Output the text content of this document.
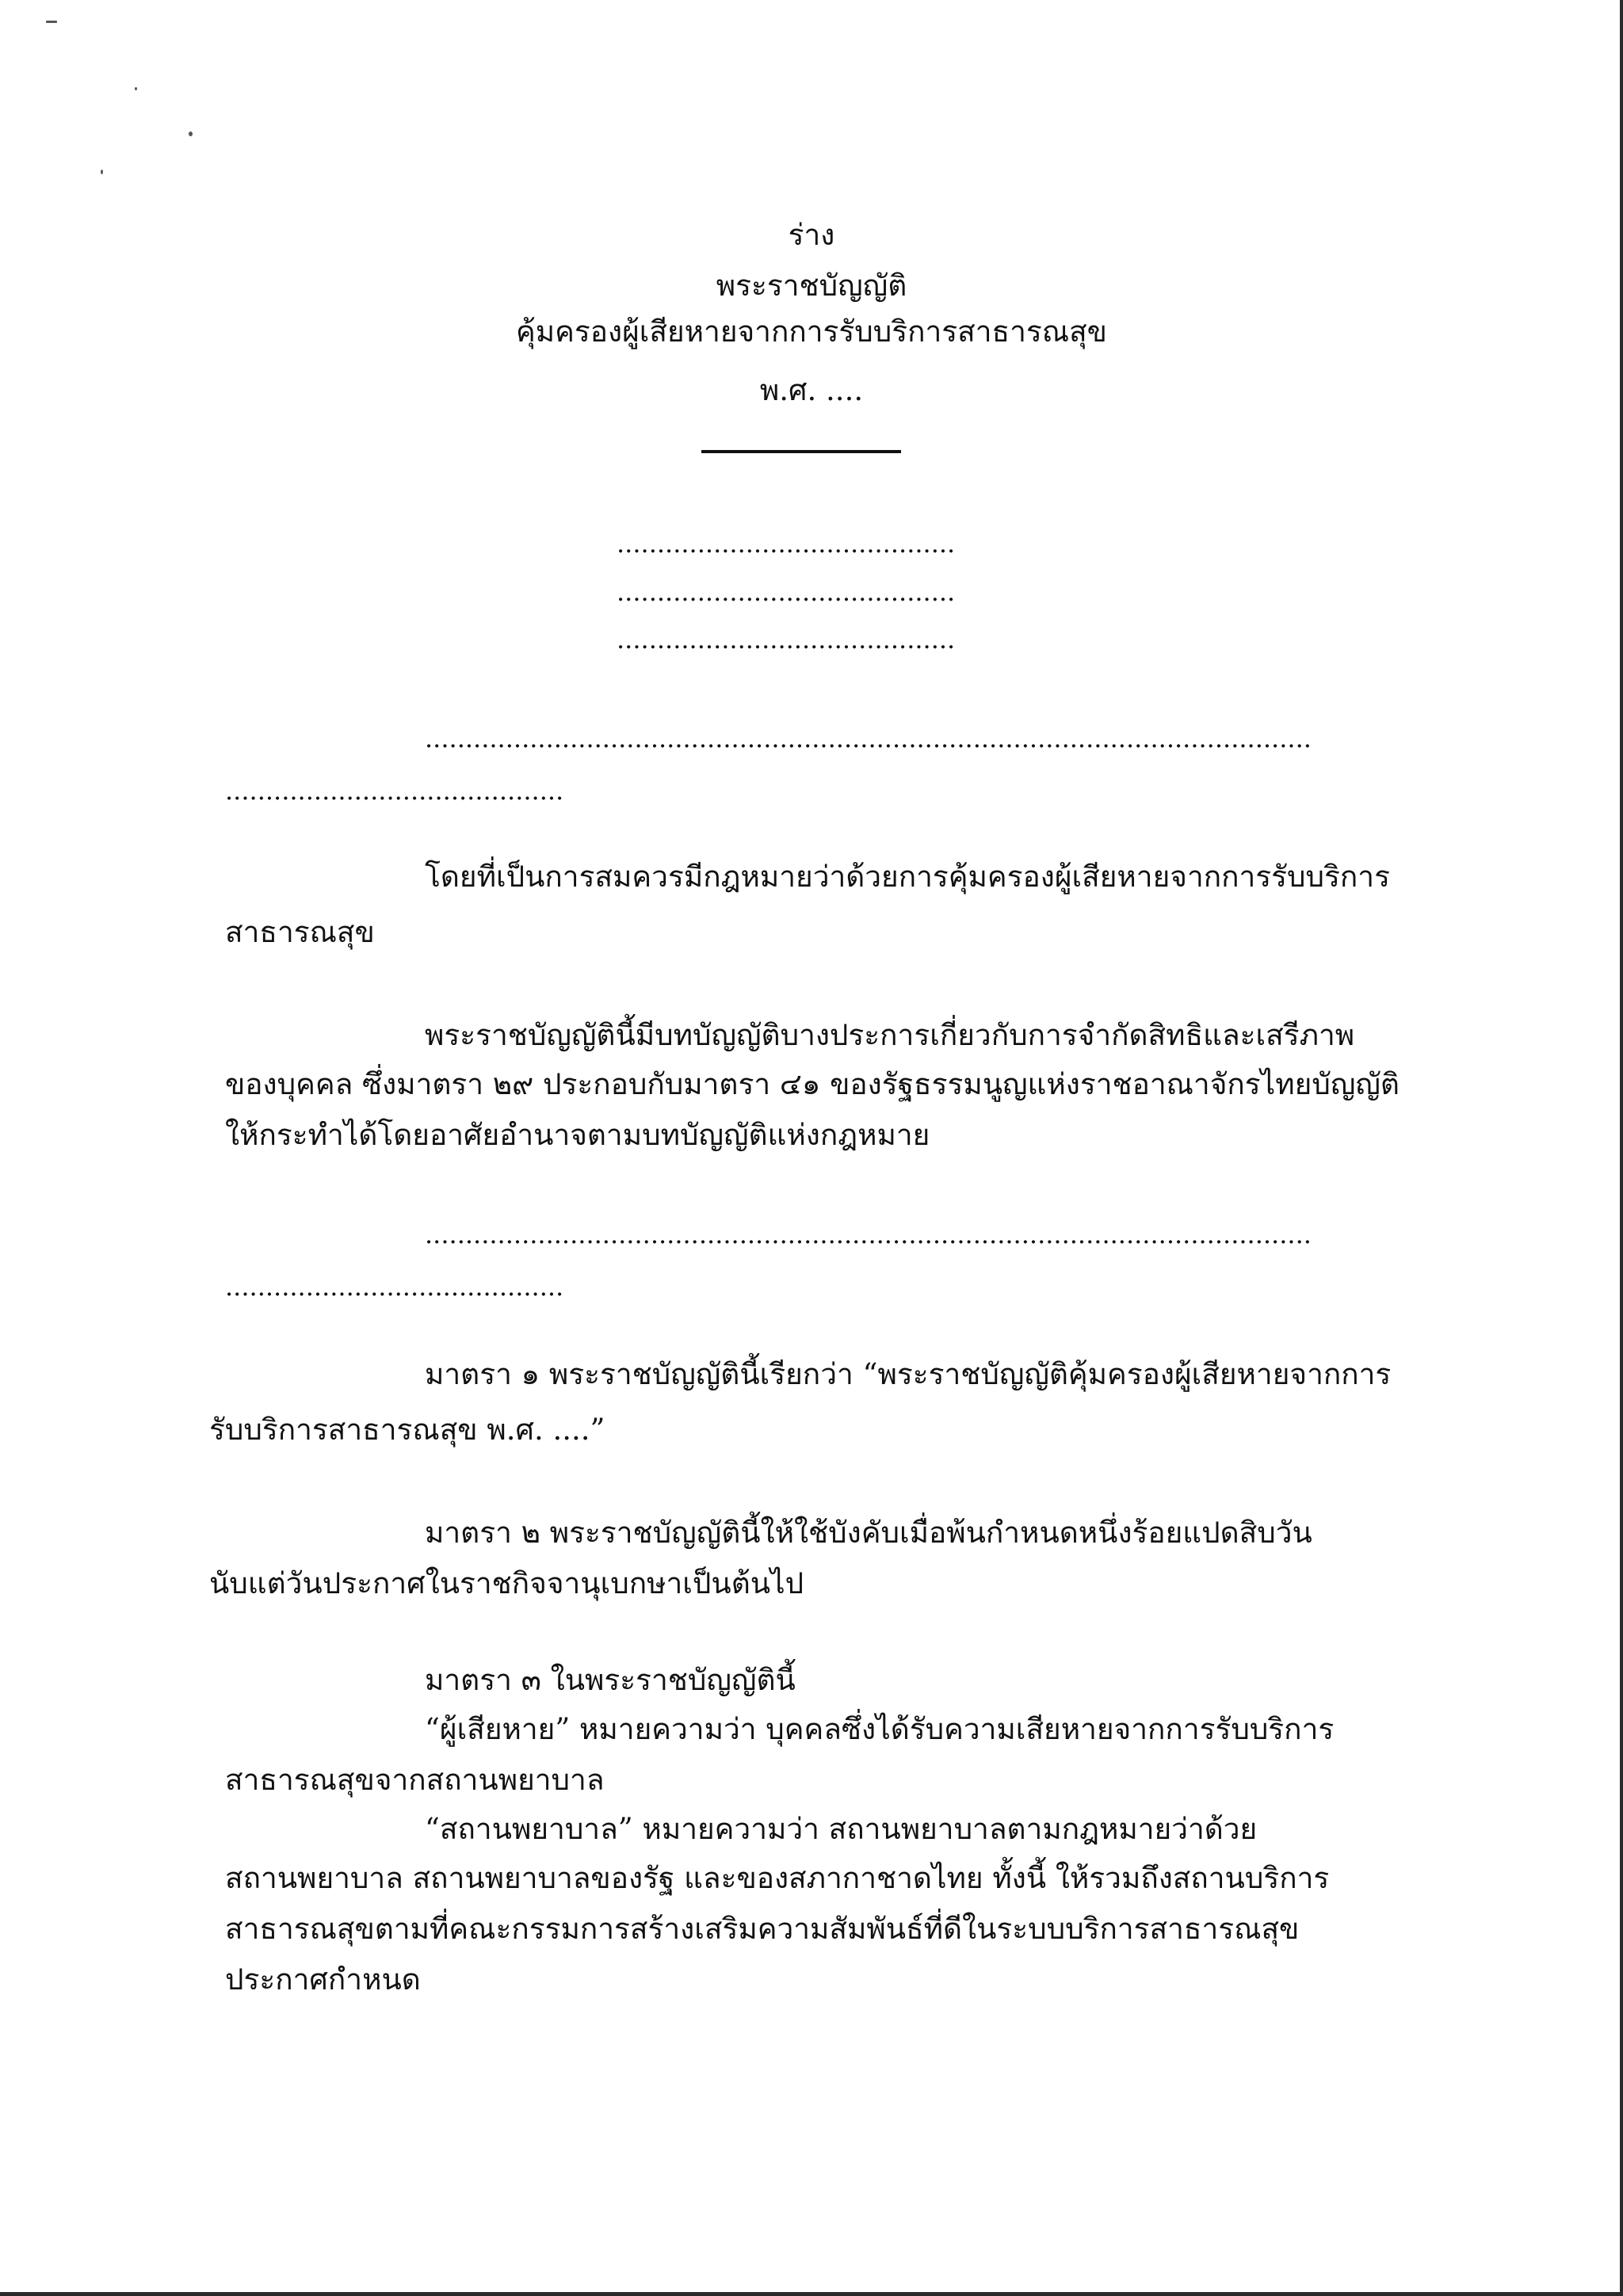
ร่าง
พระราชบัญญัติ
คุ้มครองผู้เสียหายจากการรับบริการสาธารณสุข
พ.ศ. ....
..........................................
..........................................
..........................................
..............................................................................................................
..........................................
โดยที่เป็นการสมควรมีกฎหมายว่าด้วยการคุ้มครองผู้เสียหายจากการรับบริการ
สาธารณสุข
พระราชบัญญัตินี้มีบทบัญญัติบางประการเกี่ยวกับการจำกัดสิทธิและเสรีภาพ
ของบุคคล ซึ่งมาตรา ๒๙ ประกอบกับมาตรา ๔๑ ของรัฐธรรมนูญแห่งราชอาณาจักรไทยบัญญัติ
ให้กระทำได้โดยอาศัยอำนาจตามบทบัญญัติแห่งกฎหมาย
..............................................................................................................
..........................................
มาตรา ๑ พระราชบัญญัตินี้เรียกว่า “พระราชบัญญัติคุ้มครองผู้เสียหายจากการ
รับบริการสาธารณสุข พ.ศ. ....”
มาตรา ๒ พระราชบัญญัตินี้ให้ใช้บังคับเมื่อพ้นกำหนดหนึ่งร้อยแปดสิบวัน
นับแต่วันประกาศในราชกิจจานุเบกษาเป็นต้นไป
มาตรา ๓ ในพระราชบัญญัตินี้
“ผู้เสียหาย” หมายความว่า บุคคลซึ่งได้รับความเสียหายจากการรับบริการ
สาธารณสุขจากสถานพยาบาล
“สถานพยาบาล” หมายความว่า สถานพยาบาลตามกฎหมายว่าด้วย
สถานพยาบาล สถานพยาบาลของรัฐ และของสภากาชาดไทย ทั้งนี้ ให้รวมถึงสถานบริการ
สาธารณสุขตามที่คณะกรรมการสร้างเสริมความสัมพันธ์ที่ดีในระบบบริการสาธารณสุข
ประกาศกำหนด
